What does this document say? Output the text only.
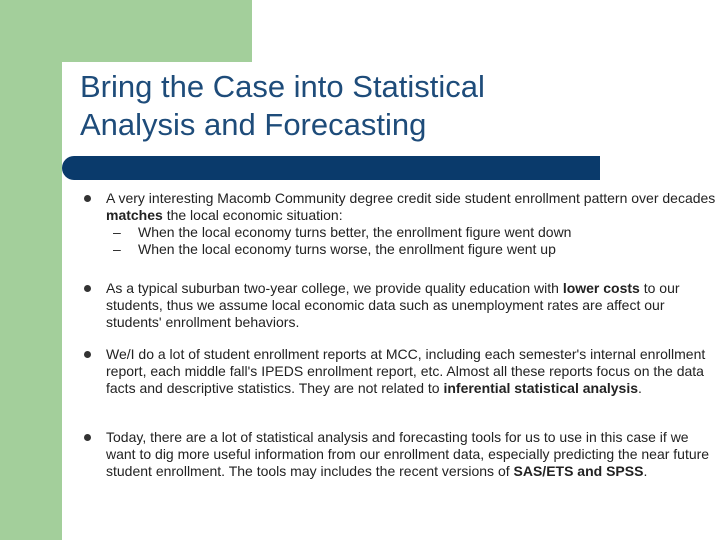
Bring the Case into Statistical
Analysis and Forecasting

A very interesting Macomb Community degree credit side student enrollment pattern over decades matches the local economic situation:

– When the local economy turns better, the enrollment figure went down

– When the local economy turns worse, the enrollment figure went up

As a typical suburban two-year college, we provide quality education with lower costs to our students, thus we assume local economic data such as unemployment rates are affect our students' enrollment behaviors.

We/I do a lot of student enrollment reports at MCC, including each semester's internal enrollment report, each middle fall's IPEDS enrollment report, etc. Almost all these reports focus on the data facts and descriptive statistics. They are not related to inferential statistical analysis.

Today, there are a lot of statistical analysis and forecasting tools for us to use in this case if we want to dig more useful information from our enrollment data, especially predicting the near future student enrollment. The tools may includes the recent versions of SAS/ETS and SPSS.
